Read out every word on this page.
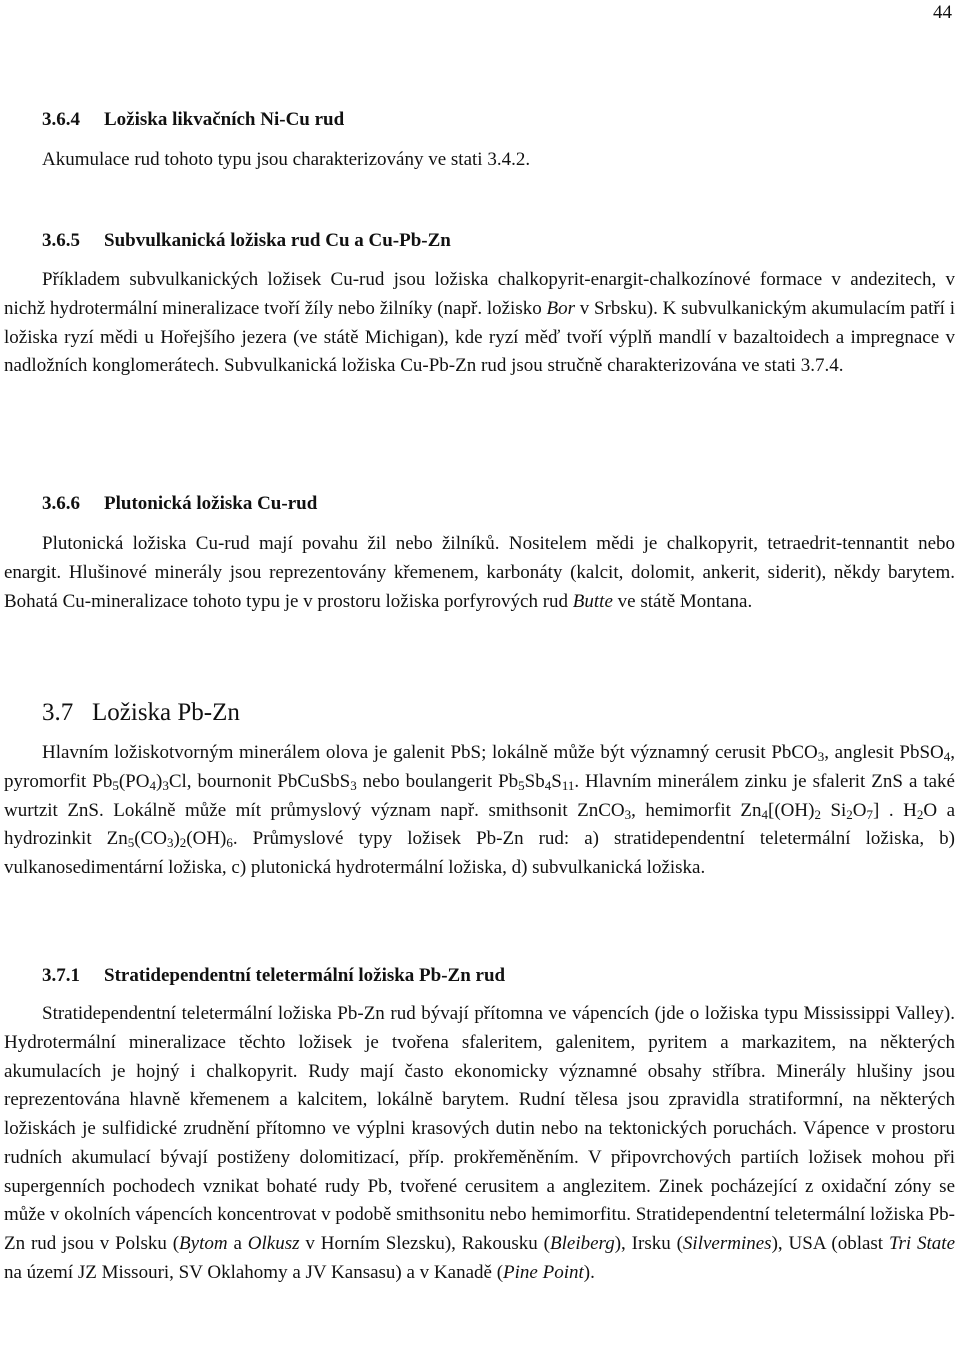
44
3.6.4 Ložiska likvačních Ni-Cu rud

Akumulace rud tohoto typu jsou charakterizovány ve stati 3.4.2.

3.6.5 Subvulkanická ložiska rud Cu a Cu-Pb-Zn

Příkladem subvulkanických ložisek Cu-rud jsou ložiska chalkopyrit-enargit-chalkozínové formace v andezitech, v nichž hydrotermální mineralizace tvoří žíly nebo žilníky (např. ložisko Bor v Srbsku). K subvulkanickým akumulacím patří i ložiska ryzí mědi u Hořejšího jezera (ve státě Michigan), kde ryzí měď tvoří výplň mandlí v bazaltoidech a impregnace v nadložních konglomerátech. Subvulkanická ložiska Cu-Pb-Zn rud jsou stručně charakterizována ve stati 3.7.4.

3.6.6 Plutonická ložiska Cu-rud

Plutonická ložiska Cu-rud mají povahu žil nebo žilníků. Nositelem mědi je chalkopyrit, tetraedrit-tennantit nebo enargit. Hlušinové minerály jsou reprezentovány křemenem, karbonáty (kalcit, dolomit, ankerit, siderit), někdy barytem. Bohatá Cu-mineralizace tohoto typu je v prostoru ložiska porfyrových rud Butte ve státě Montana.

3.7 Ložiska Pb-Zn

Hlavním ložiskotvorným minerálem olova je galenit PbS; lokálně může být významný cerusit PbCO$_3$, anglesit PbSO$_4$, pyromorfit $Pb_5(PO_4)_3Cl$, bournonit PbCuSbS$_3$ nebo boulangerit $Pb_5Sb_4S_{11}$. Hlavním minerálem zinku je sfalerit ZnS a také wurtzit ZnS. Lokálně může mít průmyslový význam např. smithsonit ZnCO$_3$, hemimorfit $Zn_4[(OH)_2$ $Si_2O_7$] . $H_2O$ a hydrozinkit $Zn_5(CO_3)_2(OH)_6$. Průmyslové typy ložisek Pb-Zn rud: a) stratidependentní teletermální ložiska, b) vulkanosedimentární ložiska, c) plutonická hydrotermální ložiska, d) subvulkanická ložiska.

3.7.1 Stratidependentní teletermální ložiska Pb-Zn rud

Stratidependentní teletermální ložiska Pb-Zn rud bývají přítomna ve vápencích (jde o ložiska typu Mississippi Valley). Hydrotermální mineralizace těchto ložisek je tvořena sfaleritem, galenitem, pyritem a markazitem, na některých akumulacích je hojný i chalkopyrit. Rudy mají často ekonomicky významné obsahy stříbra. Minerály hlušiny jsou reprezentována hlavně křemenem a kalcitem, lokálně barytem. Rudní tělesa jsou zpravidla stratiformní, na některých ložiskách je sulfidické zrudnění přítomno ve výplni krasových dutin nebo na tektonických poruchách. Vápence v prostoru rudních akumulací bývají postiženy dolomitizací, příp. prokřeměněním. V připovrchových partiích ložisek mohou při supergenních pochodech vznikat bohaté rudy Pb, tvořené cerusitem a anglezitem. Zinek pocházející z oxidační zóny se může v okolních vápencích koncentrovat v podobě smithsonitu nebo hemimorfitu. Stratidependentní teletermální ložiska Pb-Zn rud jsou v Polsku (Bytom a Olkusz v Horním Slezsku), Rakousku (Bleiberg), Irsku (Silvermines), USA (oblast Tri State na území JZ Missouri, SV Oklahomy a JV Kansasu) a v Kanadě (Pine Point).
